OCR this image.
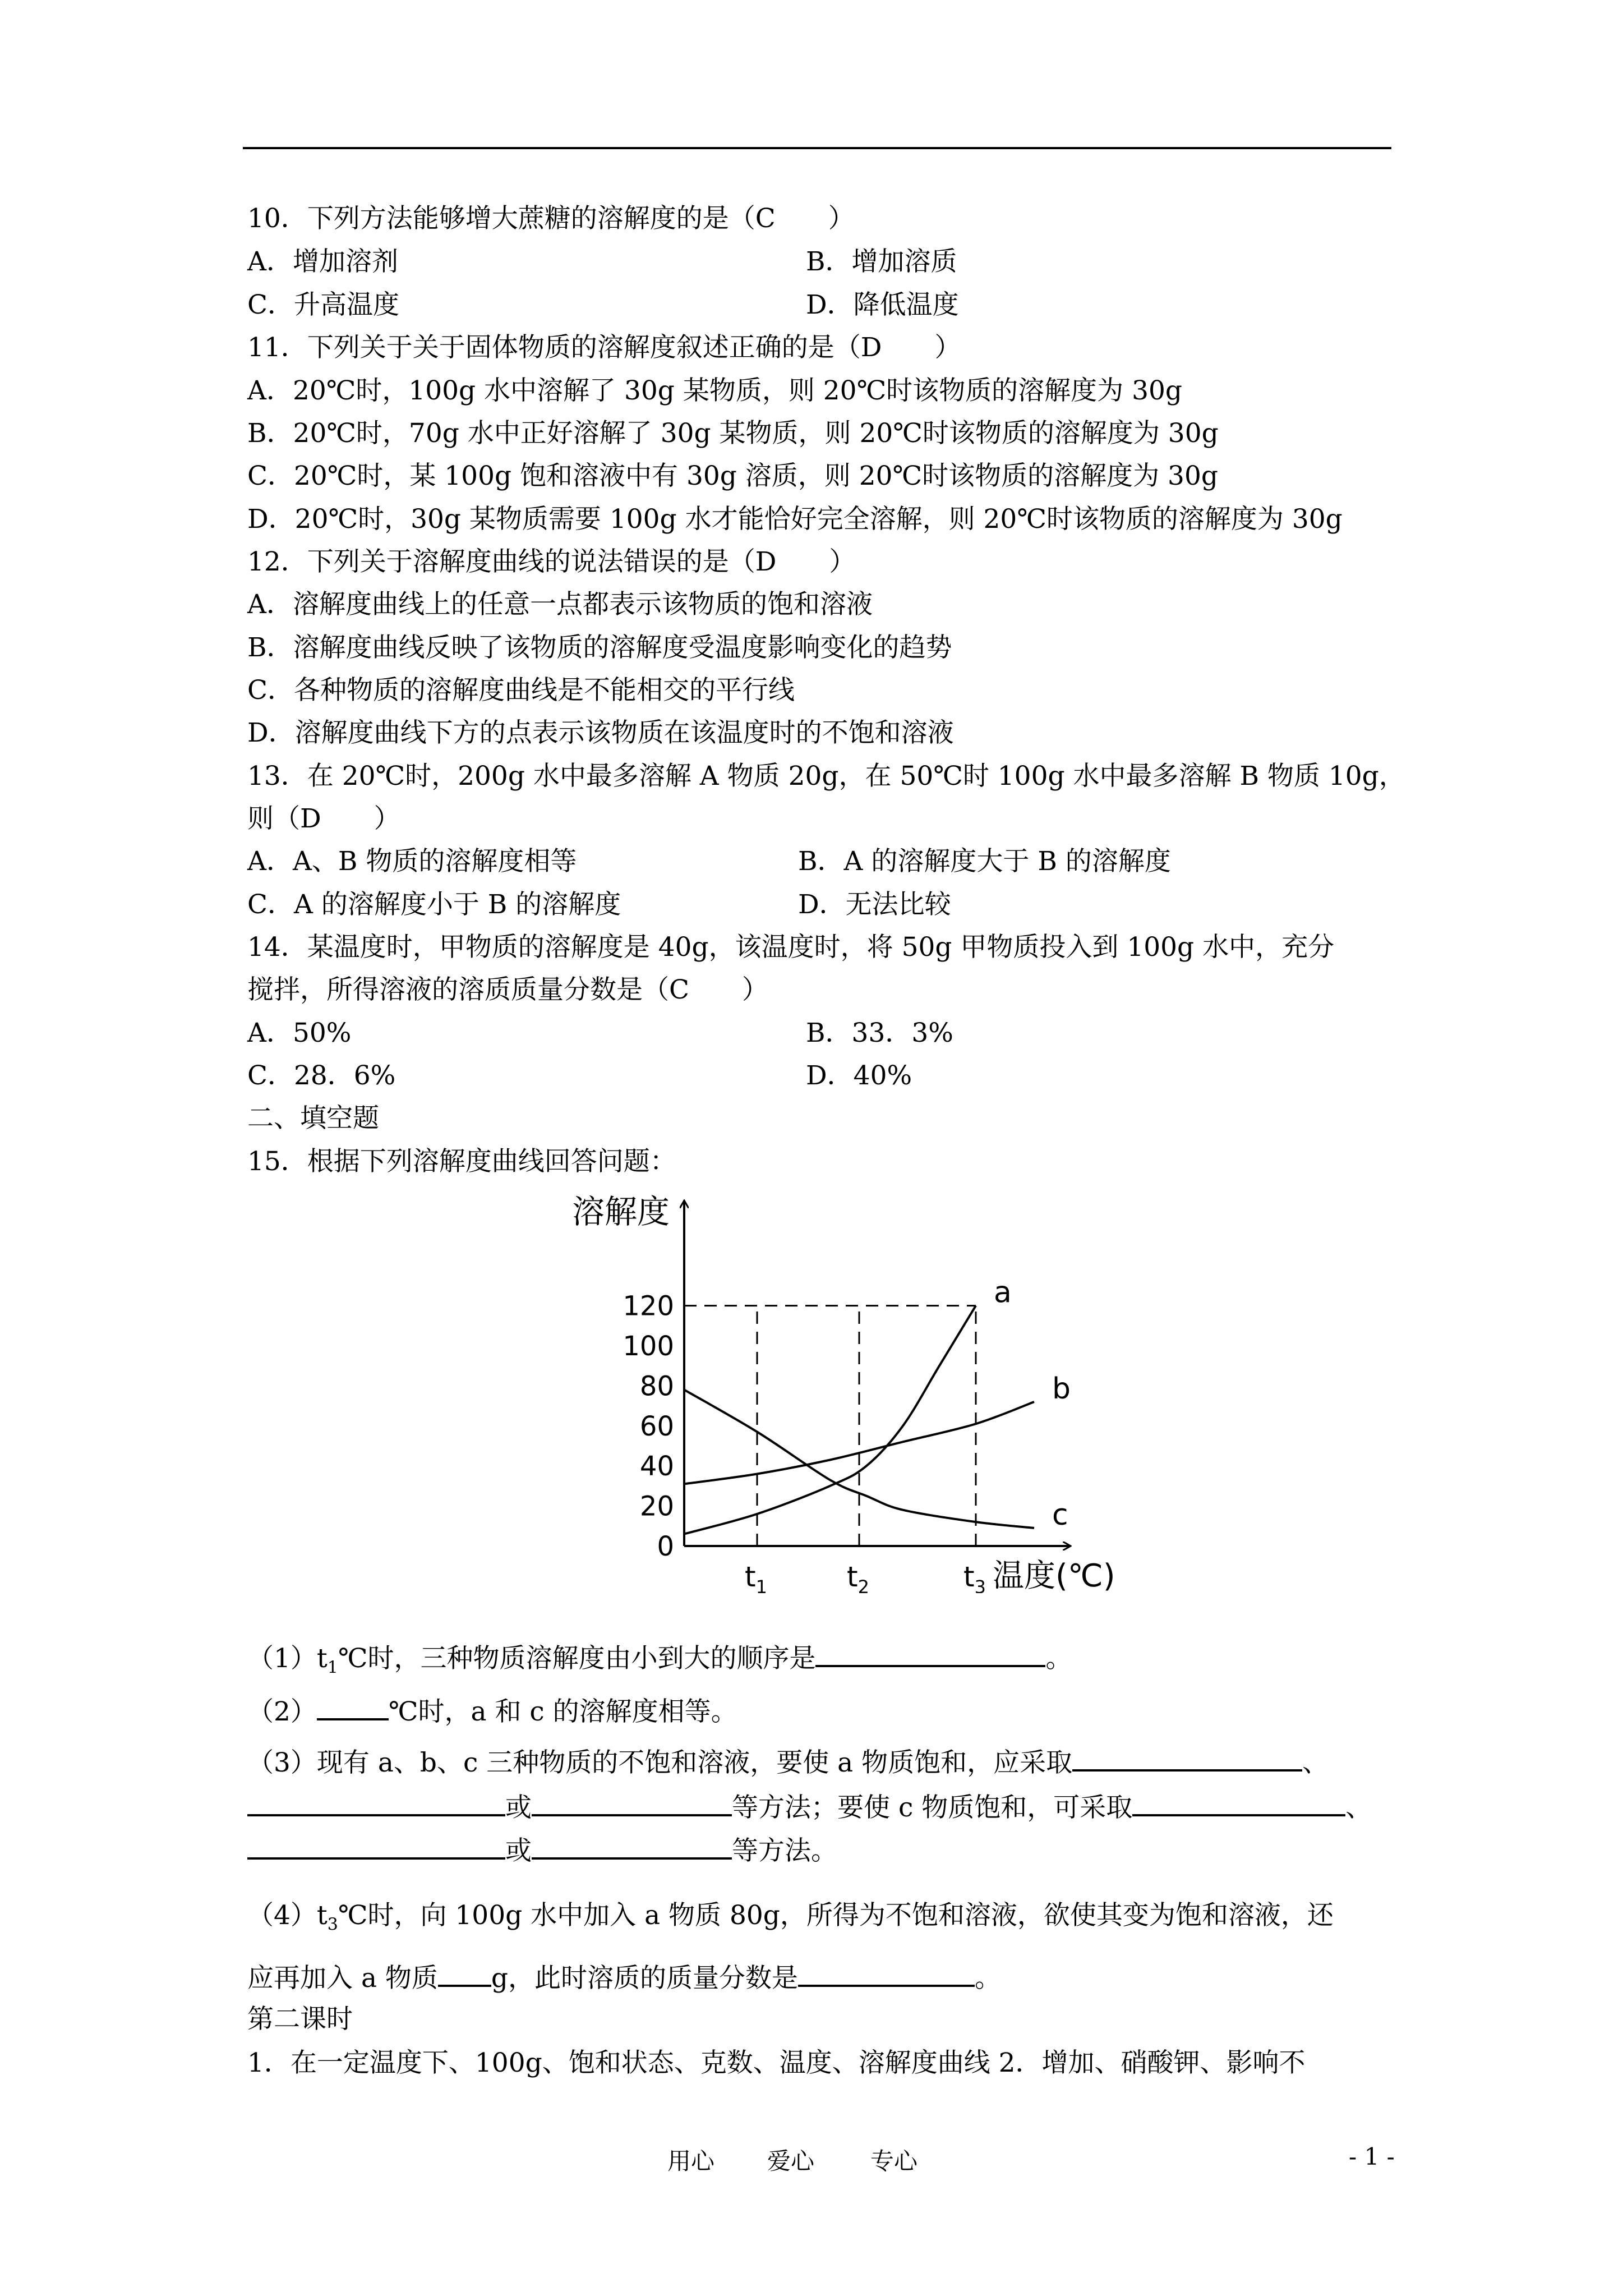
10．下列方法能够增大蔗糖的溶解度的是（C　　）
A．增加溶剂	B．增加溶质
C．升高温度	D．降低温度
11．下列关于关于固体物质的溶解度叙述正确的是（D　　）
A．20℃时，100g 水中溶解了 30g 某物质，则 20℃时该物质的溶解度为 30g
B．20℃时，70g 水中正好溶解了 30g 某物质，则 20℃时该物质的溶解度为 30g
C．20℃时，某 100g 饱和溶液中有 30g 溶质，则 20℃时该物质的溶解度为 30g
D．20℃时，30g 某物质需要 100g 水才能恰好完全溶解，则 20℃时该物质的溶解度为 30g
12．下列关于溶解度曲线的说法错误的是（D　　）
A．溶解度曲线上的任意一点都表示该物质的饱和溶液
B．溶解度曲线反映了该物质的溶解度受温度影响变化的趋势
C．各种物质的溶解度曲线是不能相交的平行线
D．溶解度曲线下方的点表示该物质在该温度时的不饱和溶液
13．在 20℃时，200g 水中最多溶解 A 物质 20g，在 50℃时 100g 水中最多溶解 B 物质 10g，
则（D　　）
A．A、B 物质的溶解度相等	B．A 的溶解度大于 B 的溶解度
C．A 的溶解度小于 B 的溶解度	D．无法比较
14．某温度时，甲物质的溶解度是 40g，该温度时，将 50g 甲物质投入到 100g 水中，充分
搅拌，所得溶液的溶质质量分数是（C　　）
A．50%	B．33．3%
C．28．6%	D．40%
二、填空题
15．根据下列溶解度曲线回答问题：
0
20
40
60
80
100
120
溶解度
$t_1$	$t_2$	$t_3$ 温度(℃)
a
b
c
$(1)t_1℃$时，三种物质溶解度由小到大的顺序是	。
（2）	℃时，a 和 c 的溶解度相等。
（3）现有 a、b、c 三种物质的不饱和溶液，要使 a 物质饱和，应采取	、
或	等方法；要使 c 物质饱和，可采取	、
或	等方法。
$(4)t_3℃$时，向 100g 水中加入 a 物质 80g，所得为不饱和溶液，欲使其变为饱和溶液，还
应再加入 a 物质 g，此时溶质的质量分数是	。
第二课时
1．在一定温度下、100g、饱和状态、克数、温度、溶解度曲线 2．增加、硝酸钾、影响不
用心 爱心 专心	- 1 -
